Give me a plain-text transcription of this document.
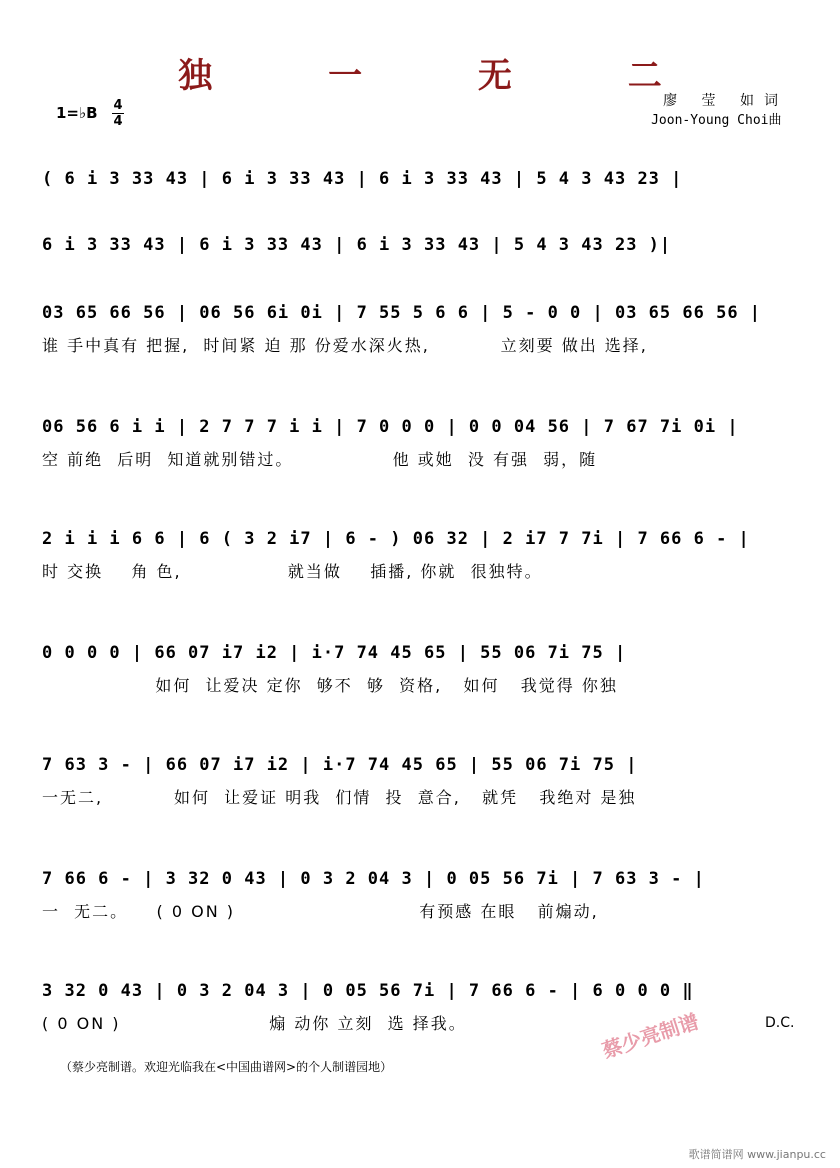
独 一 无 二
1=♭B 4
4
廖 莹 如词
Joon-Young Choi曲
( 6 i 3 33 43 | 6 i 3 33 43 | 6 i 3 33 43 | 5 4 3 43 23 |
6 i 3 33 43 | 6 i 3 33 43 | 6 i 3 33 43 | 5 4 3 43 23 )|
03 65 66 56 | 06 56 6i 0i | 7 55 5 6 6 | 5 - 0 0 | 03 65 66 56 |
谁 手中真有 把握,  时间紧 迫 那 份爱水深火热,          立刻要 做出 选择,
06 56 6 i i | 2 7 7 7 i i | 7 0 0 0 | 0 0 04 56 | 7 67 7i 0i |
空 前绝  后明  知道就别错过。              他 或她  没 有强  弱，随
2 i i i 6 6 | 6 ( 3 2 i7 | 6 - ) 06 32 | 2 i7 7 7i | 7 66 6 - |
时 交换    角 色,               就当做    插播, 你就  很独特。
0 0 0 0 | 66 07 i7 i2 | i·7 74 45 65 | 55 06 7i 75 |
如何  让爱决 定你  够不  够  资格,   如何   我觉得 你独
7 63 3 - | 66 07 i7 i2 | i·7 74 45 65 | 55 06 7i 75 |
一无二,          如何  让爱证 明我  们情  投  意合,   就凭   我绝对 是独
7 66 6 - | 3 32 0 43 | 0 3 2 04 3 | 0 05 56 7i | 7 63 3 - |
一  无二。    ( 0 ON )                          有预感 在眼   前煽动,
3 32 0 43 | 0 3 2 04 3 | 0 05 56 7i | 7 66 6 - | 6 0 0 0 ‖
( 0 ON )                     煽 动你 立刻  选 择我。	D.C.
蔡少亮制谱
（蔡少亮制谱。欢迎光临我在<中国曲谱网>的个人制谱园地）
歌谱简谱网 www.jianpu.cc
